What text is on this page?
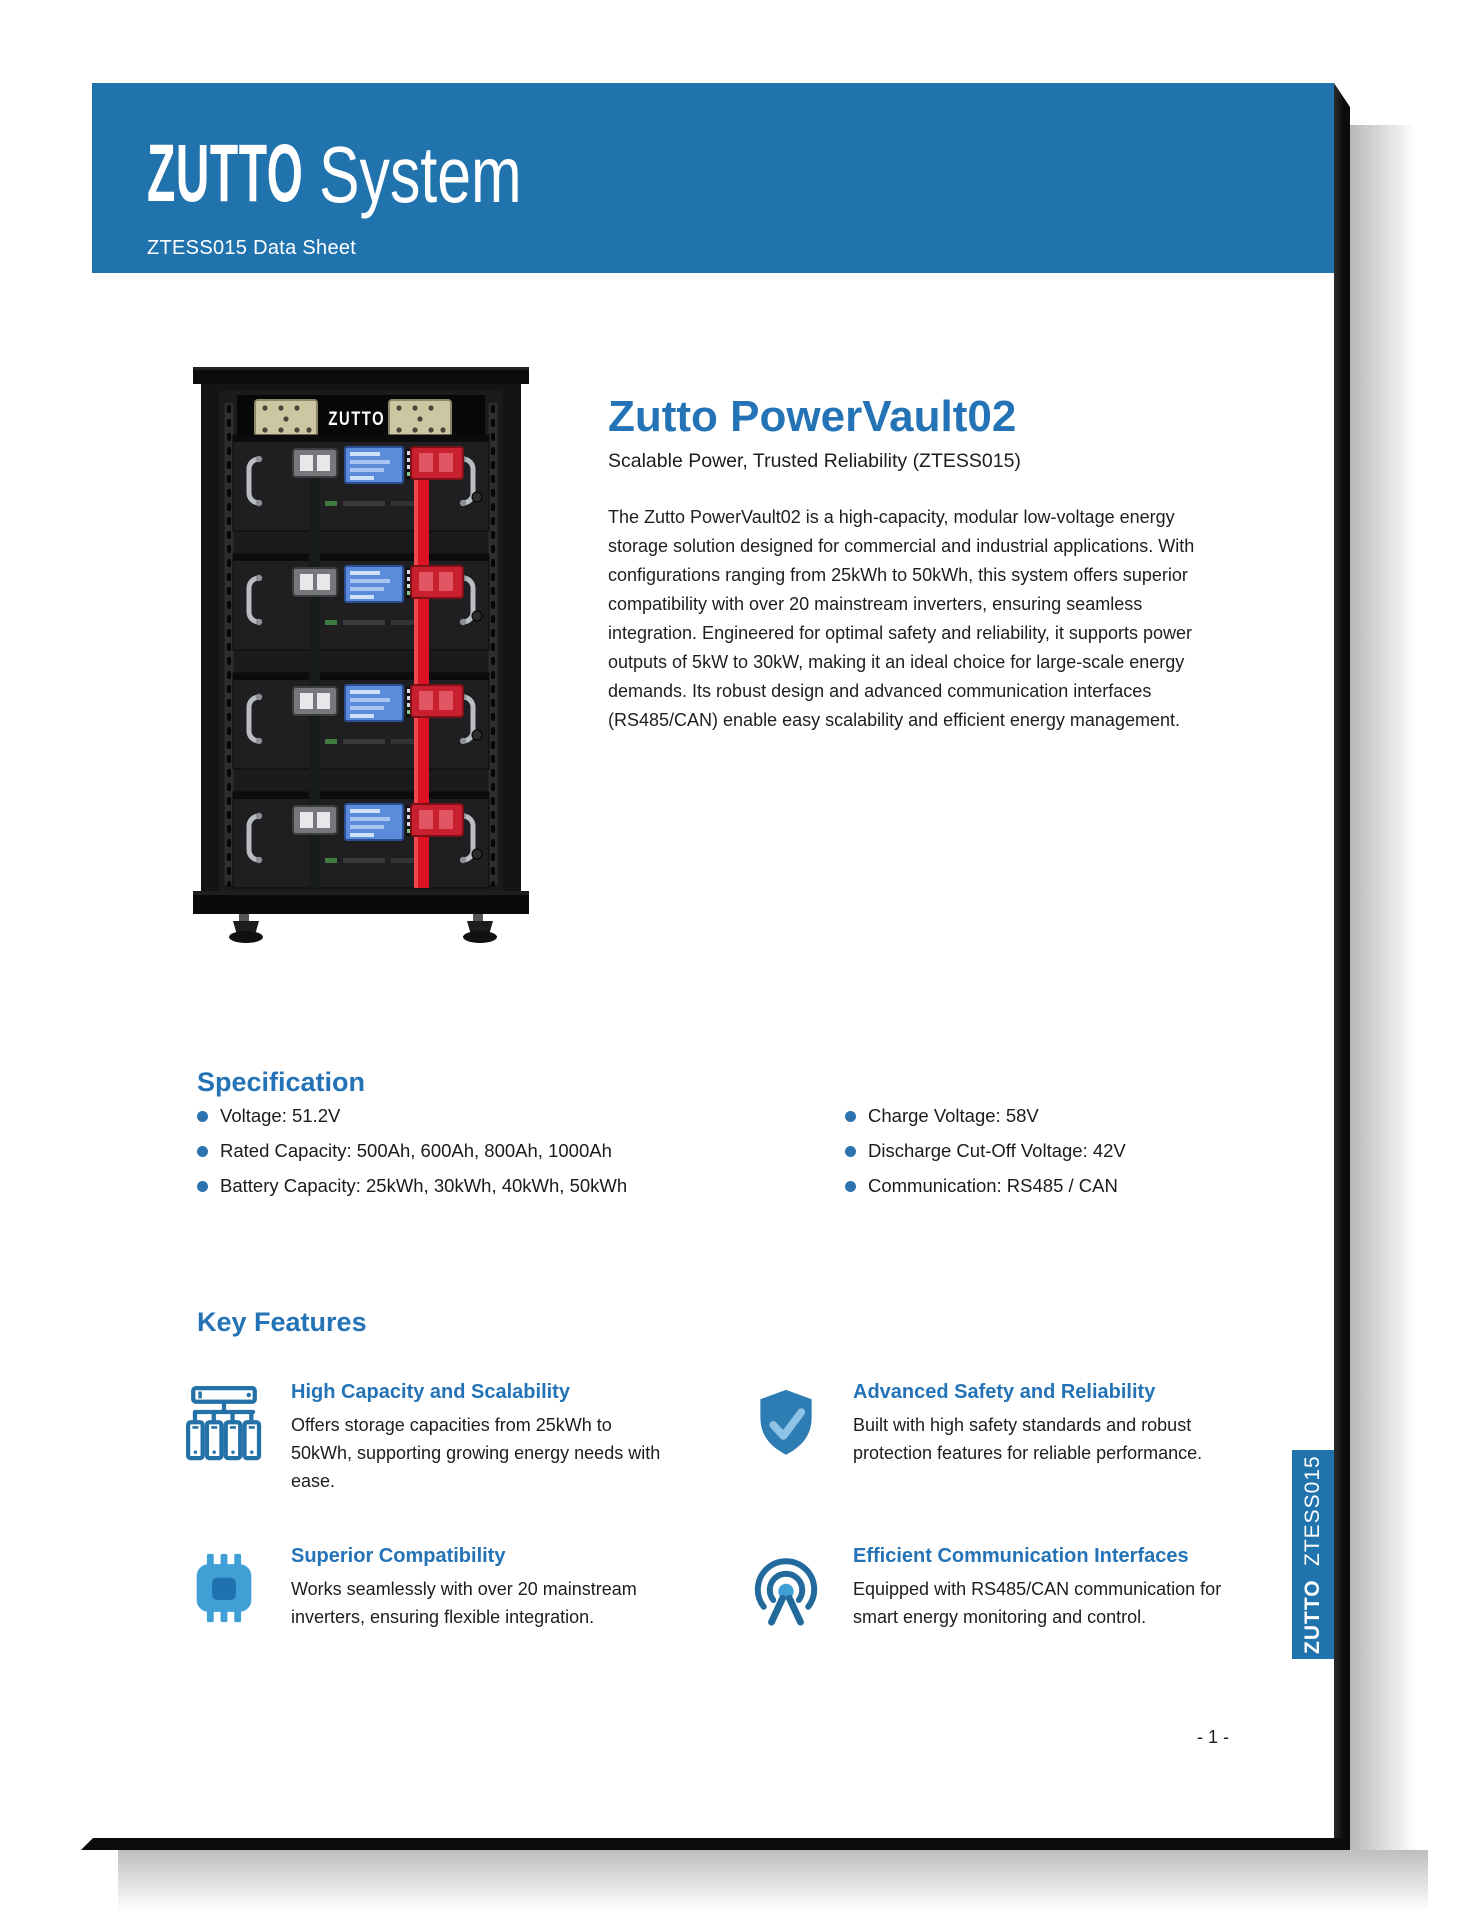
ZUTTO System
ZTESS015 Data Sheet
ZUTTO	Zutto PowerVault02
Scalable Power, Trusted Reliability (ZTESS015)
The Zutto PowerVault02 is a high-capacity, modular low-voltage energy storage solution designed for commercial and industrial applications. With configurations ranging from 25kWh to 50kWh, this system offers superior compatibility with over 20 mainstream inverters, ensuring seamless integration. Engineered for optimal safety and reliability, it supports power outputs of 5kW to 30kW, making it an ideal choice for large-scale energy demands. Its robust design and advanced communication interfaces (RS485/CAN) enable easy scalability and efficient energy management.
Specification
Voltage: 51.2V
Rated Capacity: 500Ah, 600Ah, 800Ah, 1000Ah
Battery Capacity: 25kWh, 30kWh, 40kWh, 50kWh
Charge Voltage: 58V
Discharge Cut-Off Voltage: 42V
Communication: RS485 / CAN
Key Features
High Capacity and Scalability
Offers storage capacities from 25kWh to 50kWh, supporting growing energy needs with ease.
Advanced Safety and Reliability
Built with high safety standards and robust protection features for reliable performance.
Superior Compatibility
Works seamlessly with over 20 mainstream inverters, ensuring flexible integration.
Efficient Communication Interfaces
Equipped with RS485/CAN communication for smart energy monitoring and control.	ZUTTOZTESS015
- 1 -
